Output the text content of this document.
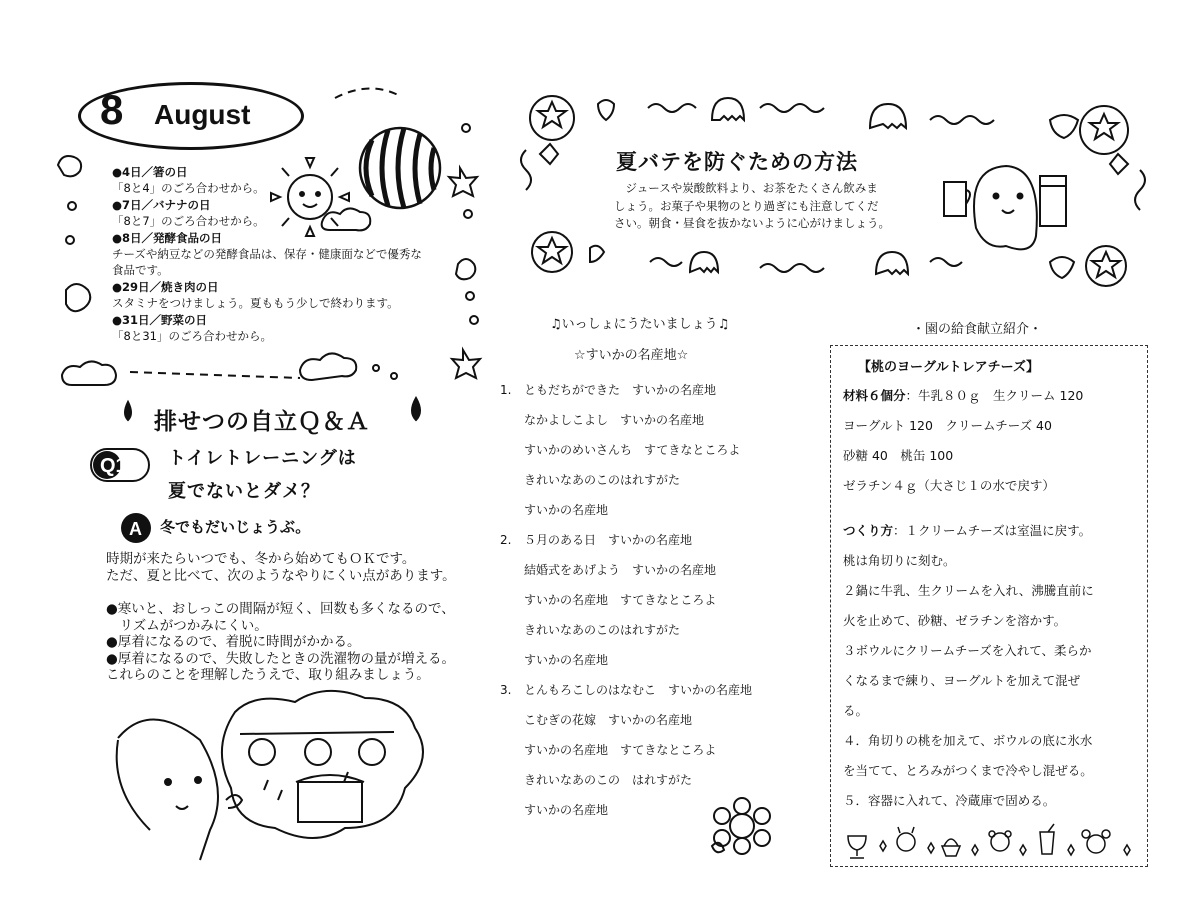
8 August
●4日／箸の日
「8と4」のごろ合わせから。
●7日／バナナの日
「8と7」のごろ合わせから。
●8日／発酵食品の日
チーズや納豆などの発酵食品は、保存・健康面などで優秀な
食品です。
●29日／焼き肉の日
スタミナをつけましょう。夏ももう少しで終わります。
●31日／野菜の日
「8と31」のごろ合わせから。
排せつの自立Ｑ＆Ａ
Q1 トイレトレーニングは
夏でないとダメ？
A 冬でもだいじょうぶ。

時期が来たらいつでも、冬から始めてもＯＫです。

ただ、夏と比べて、次のようなやりにくい点があります。

●寒いと、おしっこの間隔が短く、回数も多くなるので、

　リズムがつかみにくい。

●厚着になるので、着脱に時間がかかる。

●厚着になるので、失敗したときの洗濯物の量が増える。

これらのことを理解したうえで、取り組みましょう。

夏バテを防ぐための方法
　ジュースや炭酸飲料より、お茶をたくさん飲みま
しょう。お菓子や果物のとり過ぎにも注意してくだ
さい。朝食・昼食を抜かないように心がけましょう。
♫いっしょにうたいましょう♫
☆すいかの名産地☆
1. ともだちができた　すいかの名産地
なかよしこよし　すいかの名産地
すいかのめいさんち　すてきなところよ
きれいなあのこのはれすがた
すいかの名産地
2. ５月のある日　すいかの名産地
結婚式をあげよう　すいかの名産地
すいかの名産地　すてきなところよ
きれいなあのこのはれすがた
すいかの名産地
3. とんもろこしのはなむこ　すいかの名産地
こむぎの花嫁　すいかの名産地
すいかの名産地　すてきなところよ
きれいなあのこの　はれすがた
すいかの名産地
・園の給食献立紹介・
【桃のヨーグルトレアチーズ】
材料６個分：牛乳８０ｇ　生クリーム 120
ヨーグルト 120　クリームチーズ 40
砂糖 40　桃缶 100
ゼラチン４ｇ（大さじ１の水で戻す）
つくり方：１クリームチーズは室温に戻す。
桃は角切りに刻む。
２鍋に牛乳、生クリームを入れ、沸騰直前に
火を止めて、砂糖、ゼラチンを溶かす。
３ボウルにクリームチーズを入れて、柔らか
くなるまで練り、ヨーグルトを加えて混ぜ
る。
４．角切りの桃を加えて、ボウルの底に氷水
を当てて、とろみがつくまで冷やし混ぜる。
５．容器に入れて、冷蔵庫で固める。
